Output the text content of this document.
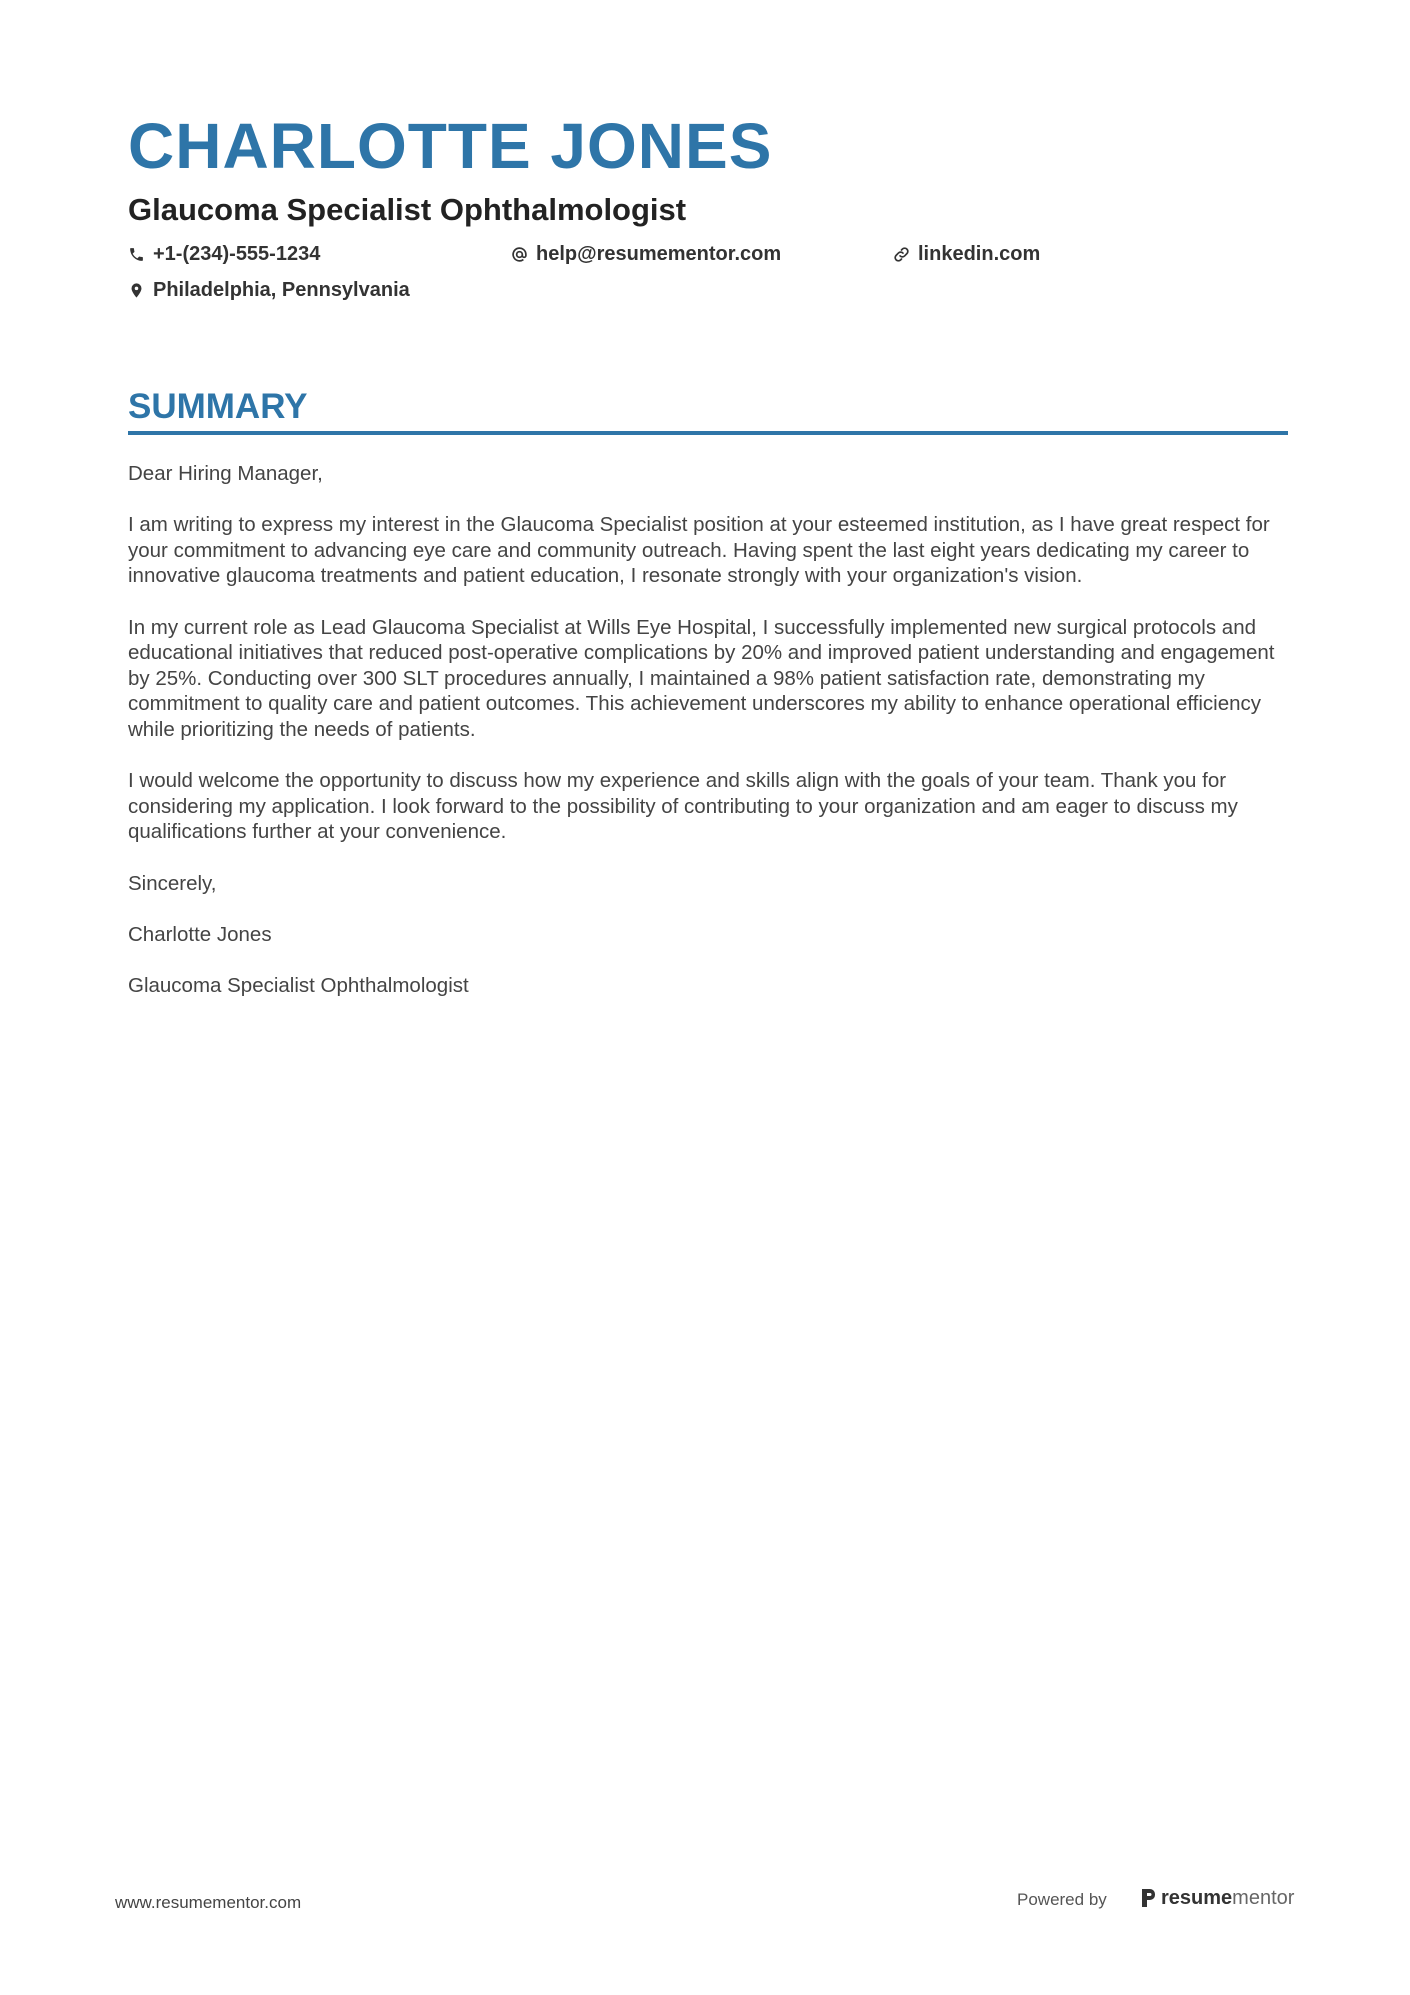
CHARLOTTE JONES
Glaucoma Specialist Ophthalmologist
+1-(234)-555-1234	help@resumementor.com	linkedin.com
Philadelphia, Pennsylvania
SUMMARY

Dear Hiring Manager,

I am writing to express my interest in the Glaucoma Specialist position at your esteemed institution, as I have great respect for your commitment to advancing eye care and community outreach. Having spent the last eight years dedicating my career to innovative glaucoma treatments and patient education, I resonate strongly with your organization's vision.

In my current role as Lead Glaucoma Specialist at Wills Eye Hospital, I successfully implemented new surgical protocols and educational initiatives that reduced post-operative complications by 20% and improved patient understanding and engagement by 25%. Conducting over 300 SLT procedures annually, I maintained a 98% patient satisfaction rate, demonstrating my commitment to quality care and patient outcomes. This achievement underscores my ability to enhance operational efficiency while prioritizing the needs of patients.

I would welcome the opportunity to discuss how my experience and skills align with the goals of your team. Thank you for considering my application. I look forward to the possibility of contributing to your organization and am eager to discuss my qualifications further at your convenience.

Sincerely,

Charlotte Jones

Glaucoma Specialist Ophthalmologist

www.resumementor.com	Powered by	resumementor
